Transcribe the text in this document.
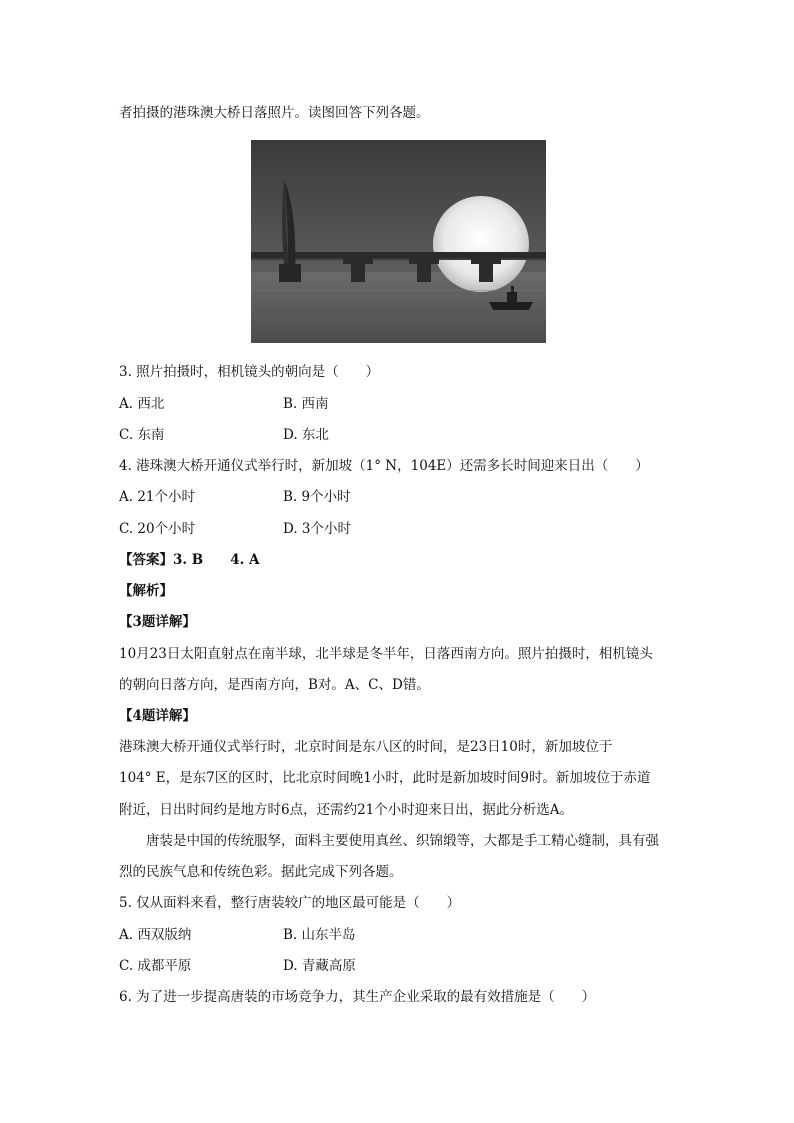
者拍摄的港珠澳大桥日落照片。读图回答下列各题。
3. 照片拍摄时，相机镜头的朝向是（　　）
A. 西北	B. 西南
C. 东南	D. 东北
4. 港珠澳大桥开通仪式举行时，新加坡（1° N，104E）还需多长时间迎来日出（　　）
A. 21个小时	B. 9个小时
C. 20个小时	D. 3个小时
【答案】3. B　　4. A
【解析】
【3题详解】
10月23日太阳直射点在南半球，北半球是冬半年，日落西南方向。照片拍摄时，相机镜头
的朝向日落方向，是西南方向，B对。A、C、D错。
【4题详解】
港珠澳大桥开通仪式举行时，北京时间是东八区的时间，是23日10时，新加坡位于
104° E，是东7区的区时，比北京时间晚1小时，此时是新加坡时间9时。新加坡位于赤道
附近，日出时间约是地方时6点，还需约21个小时迎来日出，据此分析选A。
　　唐装是中国的传统服孥，面料主要使用真丝、织锦缎等，大都是手工精心缝制，具有强
烈的民族气息和传统色彩。据此完成下列各题。
5. 仅从面料来看，整行唐装较广的地区最可能是（　　）
A. 西双版纳	B. 山东半岛
C. 成都平原	D. 青藏高原
6. 为了进一步提高唐装的市场竞争力，其生产企业采取的最有效措施是（　　）
